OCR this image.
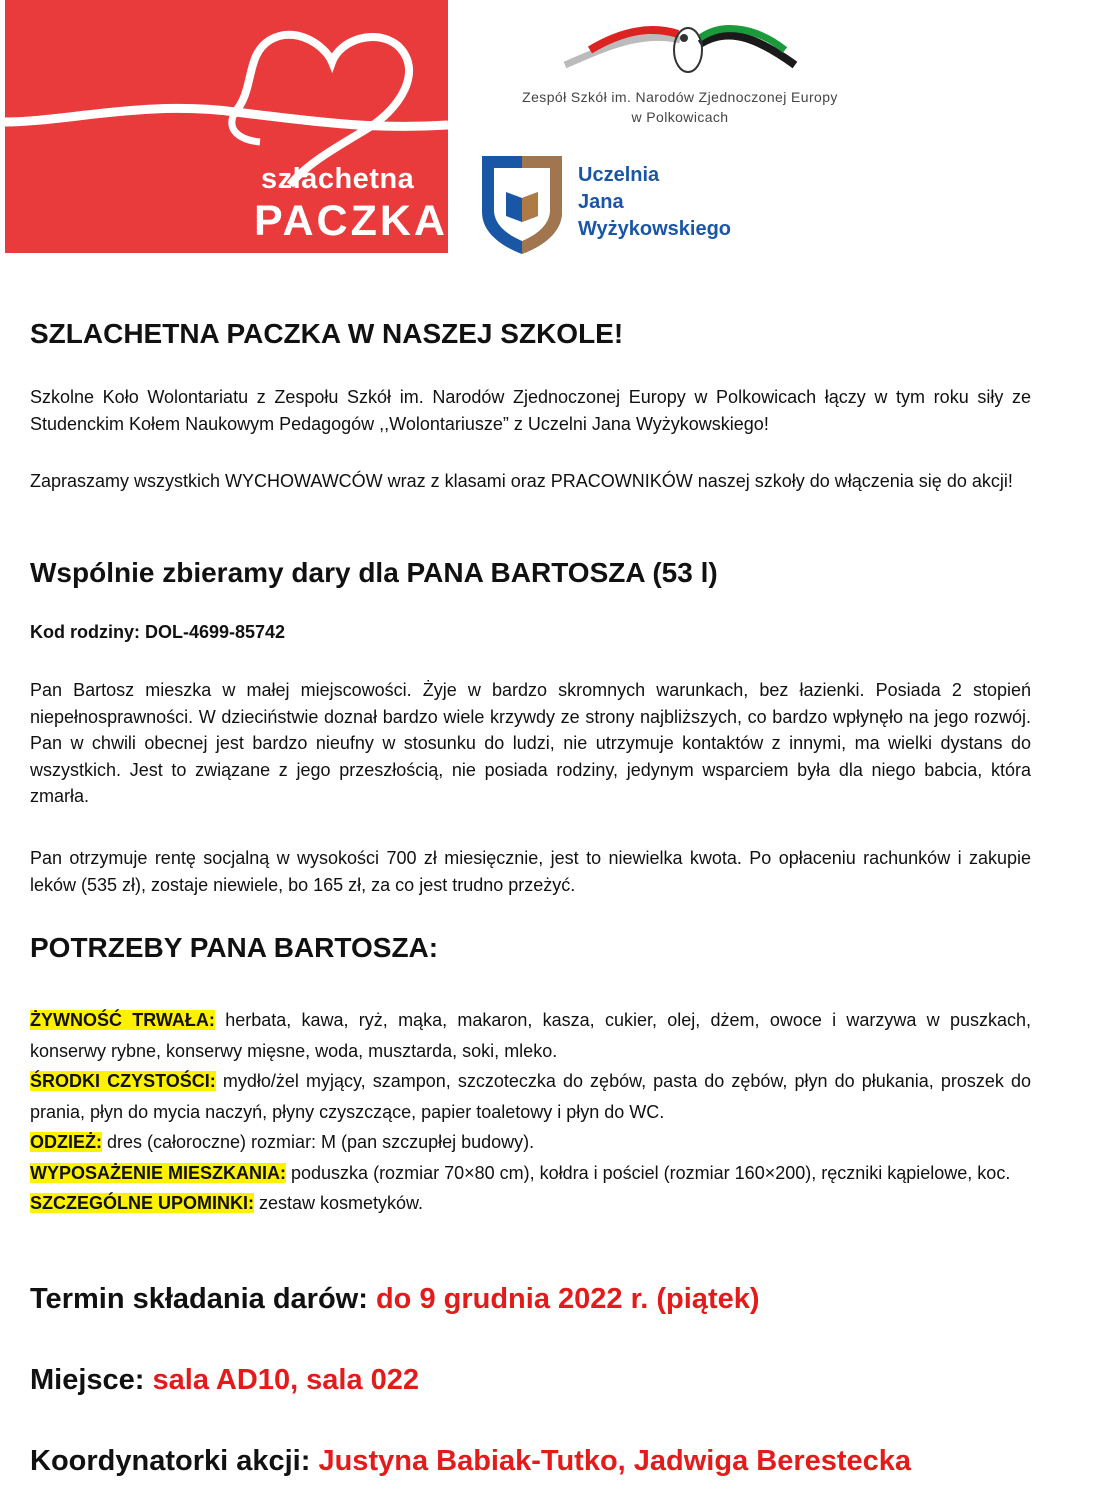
szlachetna
PACZKA
Zespół Szkół im. Narodów Zjednoczonej Europy
w Polkowicach
Uczelnia
Jana
Wyżykowskiego
SZLACHETNA PACZKA W NASZEJ SZKOLE!

Szkolne Koło Wolontariatu z Zespołu Szkół im. Narodów Zjednoczonej Europy w Polkowicach łączy w tym roku siły ze Studenckim Kołem Naukowym Pedagogów ,,Wolontariusze” z Uczelni Jana Wyżykowskiego!

Zapraszamy wszystkich WYCHOWAWCÓW wraz z klasami oraz PRACOWNIKÓW naszej szkoły do włączenia się do akcji!

Wspólnie zbieramy dary dla PANA BARTOSZA (53 l)
Kod rodziny: DOL-4699-85742

Pan Bartosz mieszka w małej miejscowości. Żyje w bardzo skromnych warunkach, bez łazienki. Posiada 2 stopień niepełnosprawności. W dzieciństwie doznał bardzo wiele krzywdy ze strony najbliższych, co bardzo wpłynęło na jego rozwój. Pan w chwili obecnej jest bardzo nieufny w stosunku do ludzi, nie utrzymuje kontaktów z innymi, ma wielki dystans do wszystkich. Jest to związane z jego przeszłością, nie posiada rodziny, jedynym wsparciem była dla niego babcia, która zmarła.

Pan otrzymuje rentę socjalną w wysokości 700 zł miesięcznie, jest to niewielka kwota. Po opłaceniu rachunków i zakupie leków (535 zł), zostaje niewiele, bo 165 zł, za co jest trudno przeżyć.

POTRZEBY PANA BARTOSZA:

ŻYWNOŚĆ TRWAŁA: herbata, kawa, ryż, mąka, makaron, kasza, cukier, olej, dżem, owoce i warzywa w puszkach, konserwy rybne, konserwy mięsne, woda, musztarda, soki, mleko.

ŚRODKI CZYSTOŚCI: mydło/żel myjący, szampon, szczoteczka do zębów, pasta do zębów, płyn do płukania, proszek do prania, płyn do mycia naczyń, płyny czyszczące, papier toaletowy i płyn do WC.

ODZIEŻ: dres (całoroczne) rozmiar: M (pan szczupłej budowy).

WYPOSAŻENIE MIESZKANIA: poduszka (rozmiar 70×80 cm), kołdra i pościel (rozmiar 160×200), ręczniki kąpielowe, koc.

SZCZEGÓLNE UPOMINKI: zestaw kosmetyków.

Termin składania darów: do 9 grudnia 2022 r. (piątek)
Miejsce: sala AD10, sala 022
Koordynatorki akcji: Justyna Babiak-Tutko, Jadwiga Berestecka
